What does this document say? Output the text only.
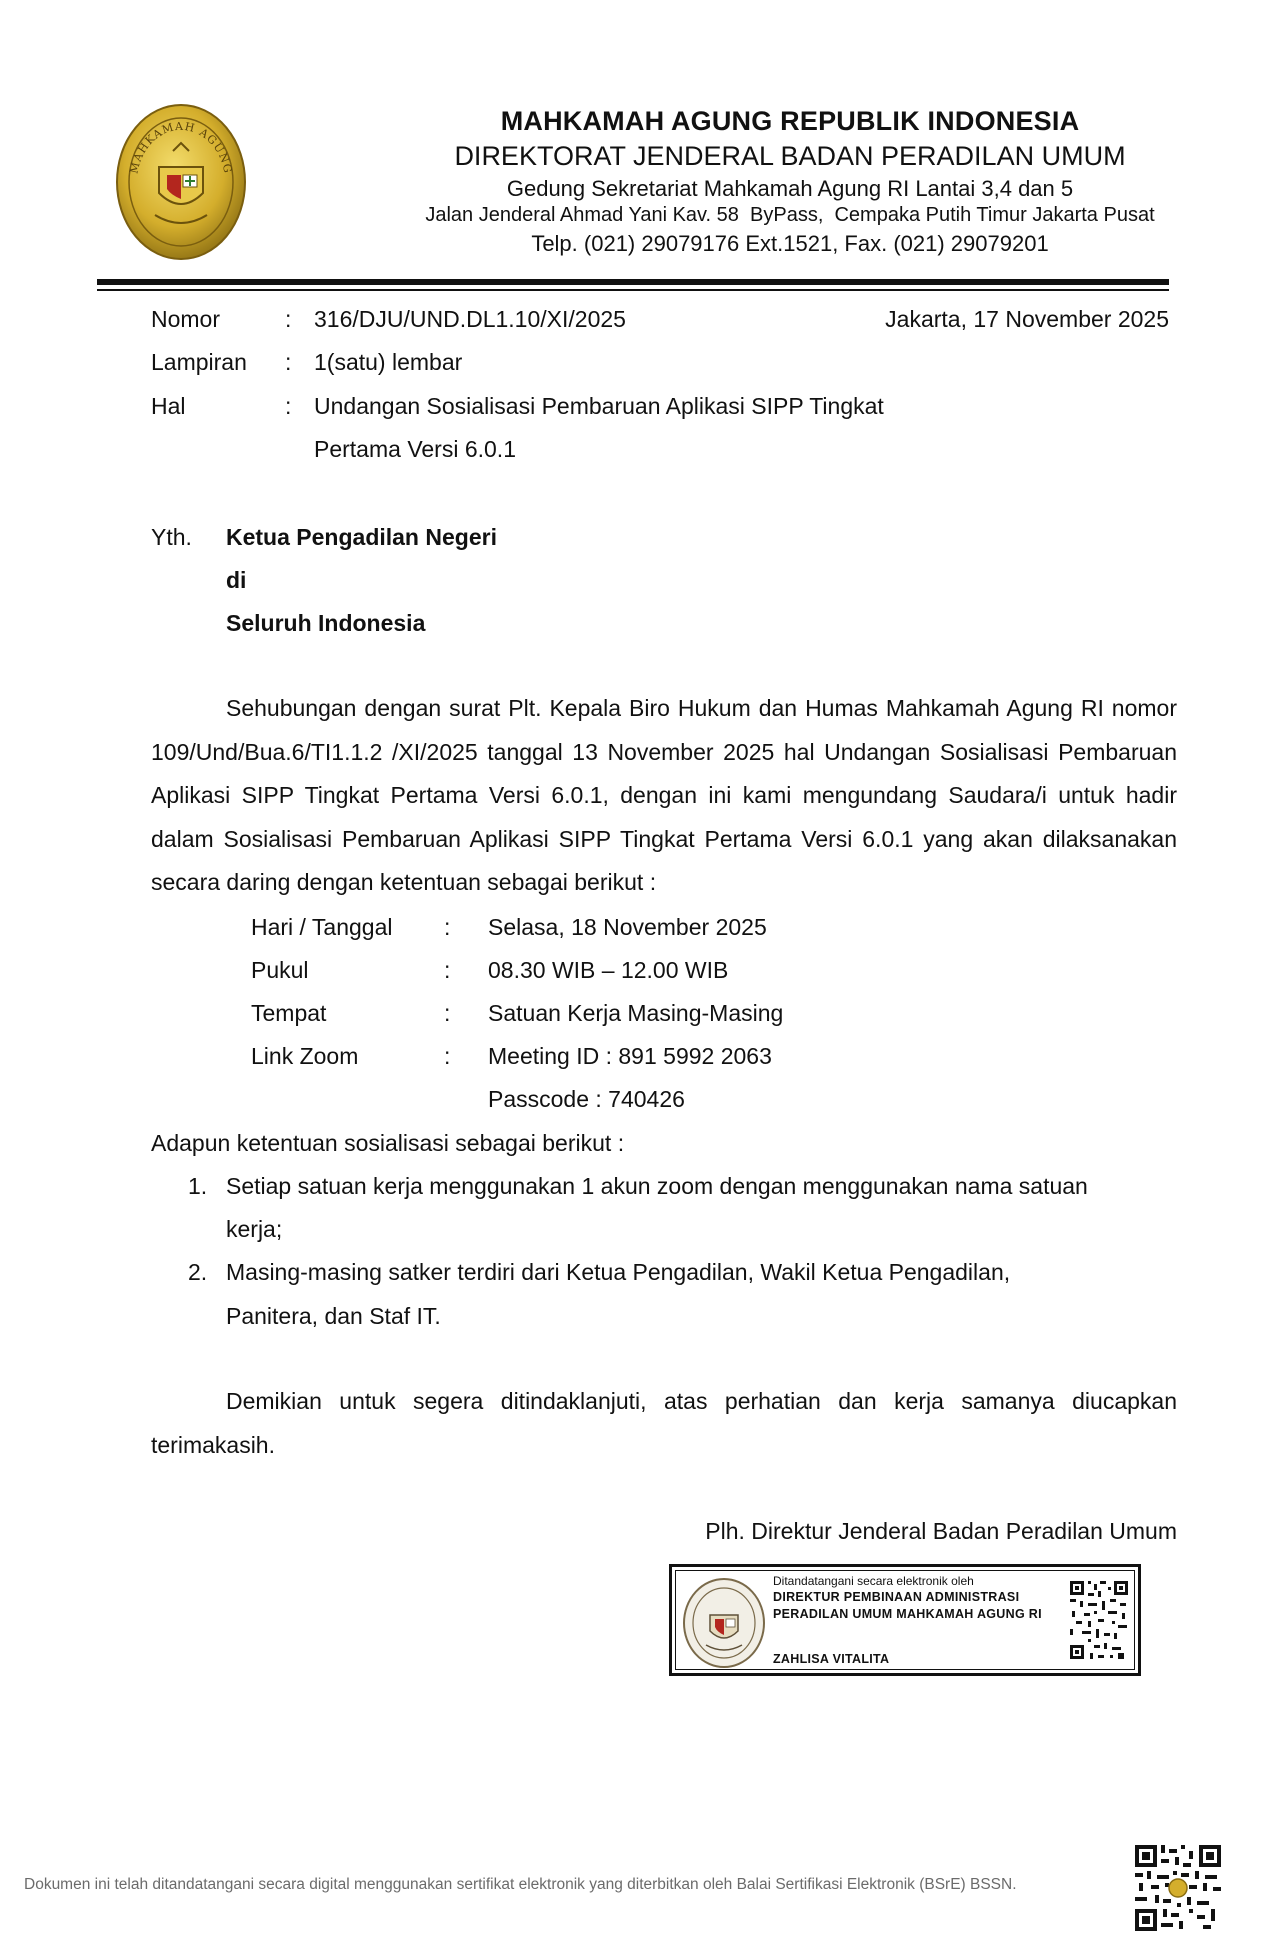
MAHKAMAH AGUNG
MAHKAMAH AGUNG REPUBLIK INDONESIA
DIREKTORAT JENDERAL BADAN PERADILAN UMUM
Gedung Sekretariat Mahkamah Agung RI Lantai 3,4 dan 5
Jalan Jenderal Ahmad Yani Kav. 58  ByPass,  Cempaka Putih Timur Jakarta Pusat
Telp. (021) 29079176 Ext.1521, Fax. (021) 29079201
Nomor	: 316/DJU/UND.DL1.10/XI/2025	Jakarta, 17 November 2025
Lampiran : 1(satu) lembar
Hal	: Undangan Sosialisasi Pembaruan Aplikasi SIPP Tingkat
Pertama Versi 6.0.1
Yth. Ketua Pengadilan Negeri
di
Seluruh Indonesia

Sehubungan dengan surat Plt. Kepala Biro Hukum dan Humas Mahkamah Agung RI nomor 109/Und/Bua.6/TI1.1.2 /XI/2025 tanggal 13 November 2025 hal Undangan Sosialisasi Pembaruan Aplikasi SIPP Tingkat Pertama Versi 6.0.1, dengan ini kami mengundang Saudara/i untuk hadir dalam Sosialisasi Pembaruan Aplikasi SIPP Tingkat Pertama Versi 6.0.1 yang akan dilaksanakan secara daring dengan ketentuan sebagai berikut :

Hari / Tanggal : Selasa, 18 November 2025
Pukul	: 08.30 WIB – 12.00 WIB
Tempat	: Satuan Kerja Masing-Masing
Link Zoom	: Meeting ID : 891 5992 2063
Passcode : 740426
Adapun ketentuan sosialisasi sebagai berikut :
1. Setiap satuan kerja menggunakan 1 akun zoom dengan menggunakan nama satuan
kerja;
2. Masing-masing satker terdiri dari Ketua Pengadilan, Wakil Ketua Pengadilan,
Panitera, dan Staf IT.

Demikian untuk segera ditindaklanjuti, atas perhatian dan kerja samanya diucapkan terimakasih.

Plh. Direktur Jenderal Badan Peradilan Umum
Ditandatangani secara elektronik oleh
DIREKTUR PEMBINAAN ADMINISTRASI
PERADILAN UMUM MAHKAMAH AGUNG RI
ZAHLISA VITALITA
Dokumen ini telah ditandatangani secara digital menggunakan sertifikat elektronik yang diterbitkan oleh Balai Sertifikasi Elektronik (BSrE) BSSN.
